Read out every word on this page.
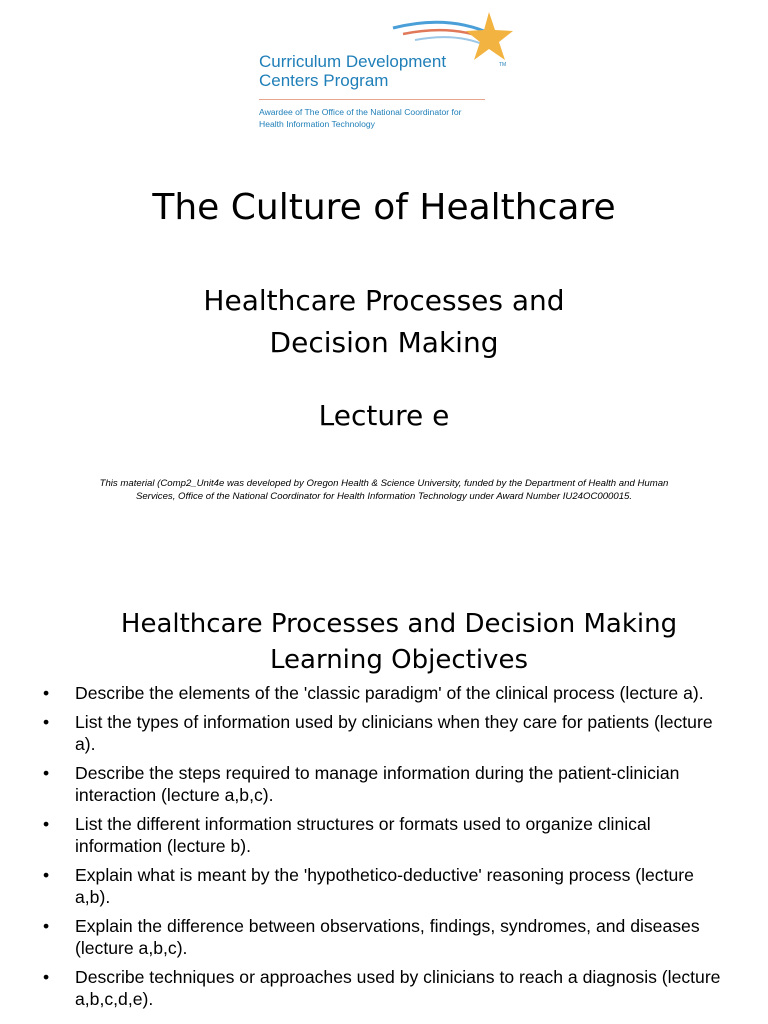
Curriculum Development
Centers Program
TM
Awardee of The Office of the National Coordinator for
Health Information Technology
The Culture of Healthcare
Healthcare Processes and
Decision Making
Lecture e
This material (Comp2_Unit4e was developed by Oregon Health & Science University, funded by the Department of Health and Human Services, Office of the National Coordinator for Health Information Technology under Award Number IU24OC000015.
Healthcare Processes and Decision Making
Learning Objectives
• Describe the elements of the 'classic paradigm' of the clinical process (lecture a).
• List the types of information used by clinicians when they care for patients (lecture a).
• Describe the steps required to manage information during the patient-clinician interaction (lecture a,b,c).
• List the different information structures or formats used to organize clinical information (lecture b).
• Explain what is meant by the 'hypothetico-deductive' reasoning process (lecture a,b).
• Explain the difference between observations, findings, syndromes, and diseases (lecture a,b,c).
• Describe techniques or approaches used by clinicians to reach a diagnosis (lecture a,b,c,d,e).
